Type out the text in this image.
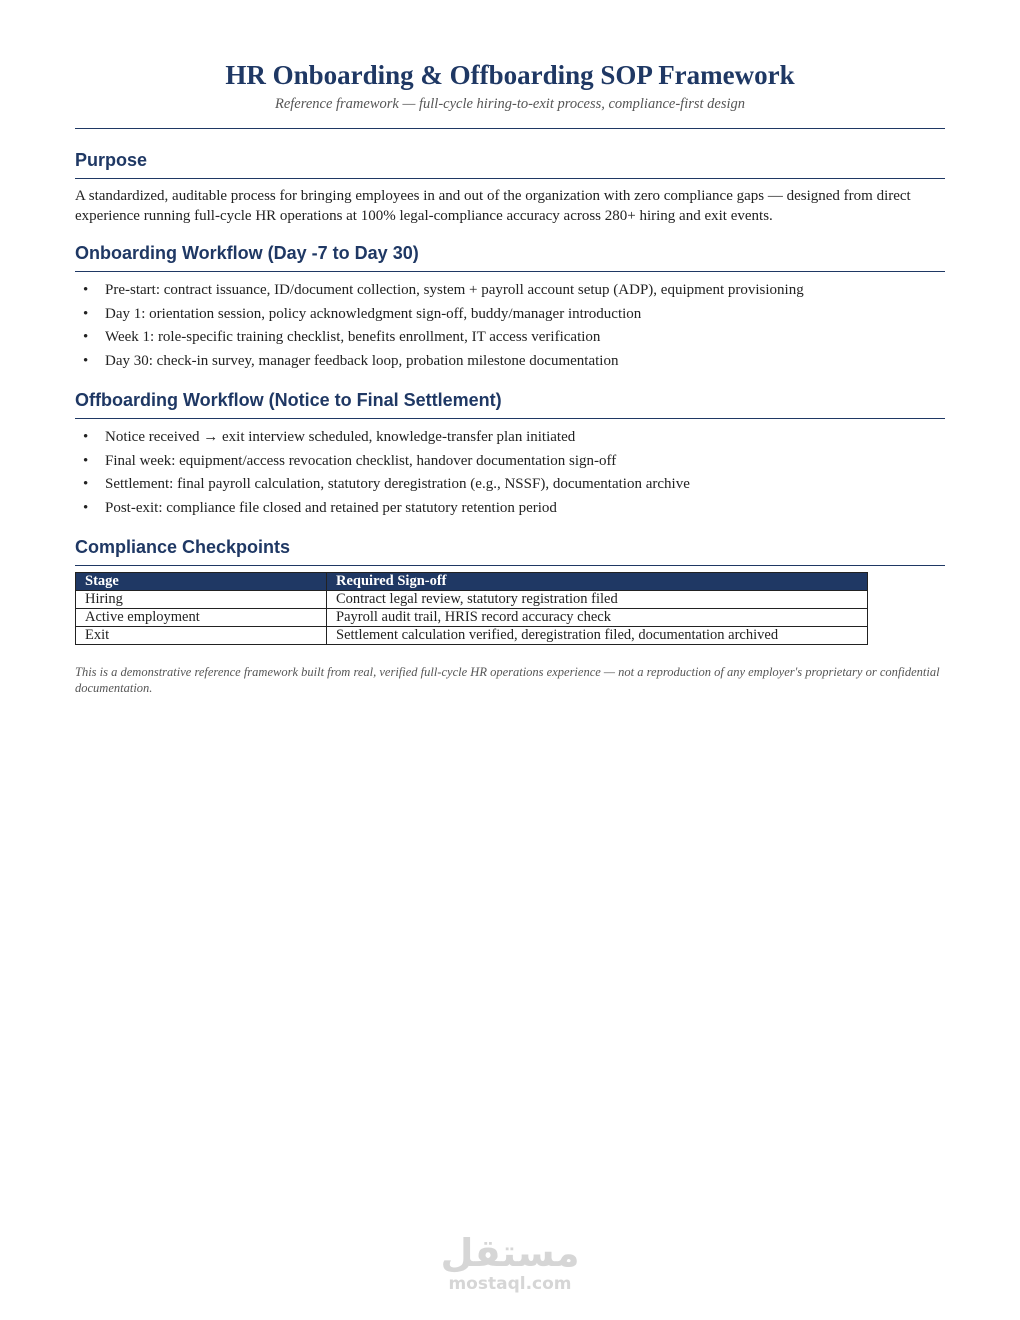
HR Onboarding & Offboarding SOP Framework
Reference framework — full-cycle hiring-to-exit process, compliance-first design
Purpose

A standardized, auditable process for bringing employees in and out of the organization with zero compliance gaps — designed from direct experience running full-cycle HR operations at 100% legal-compliance accuracy across 280+ hiring and exit events.

Onboarding Workflow (Day -7 to Day 30)
• Pre-start: contract issuance, ID/document collection, system + payroll account setup (ADP), equipment provisioning
• Day 1: orientation session, policy acknowledgment sign-off, buddy/manager introduction
• Week 1: role-specific training checklist, benefits enrollment, IT access verification
• Day 30: check-in survey, manager feedback loop, probation milestone documentation
Offboarding Workflow (Notice to Final Settlement)
• Notice received → exit interview scheduled, knowledge-transfer plan initiated
• Final week: equipment/access revocation checklist, handover documentation sign-off
• Settlement: final payroll calculation, statutory deregistration (e.g., NSSF), documentation archive
• Post-exit: compliance file closed and retained per statutory retention period
Compliance Checkpoints
Stage	Required Sign-off
Hiring	Contract legal review, statutory registration filed
Active employment	Payroll audit trail, HRIS record accuracy check
Exit	Settlement calculation verified, deregistration filed, documentation archived

This is a demonstrative reference framework built from real, verified full-cycle HR operations experience — not a reproduction of any employer's proprietary or confidential documentation.

مستقل
mostaql.com
